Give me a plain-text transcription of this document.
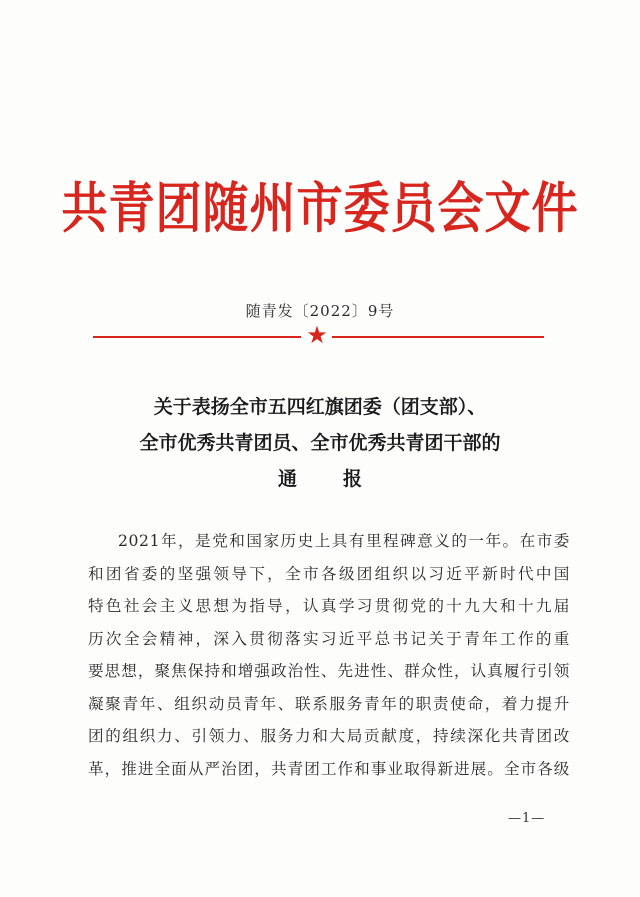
共青团随州市委员会文件
随青发〔2022〕9号
★
关于表扬全市五四红旗团委（团支部）、
全市优秀共青团员、全市优秀共青团干部的
通报
2021年，是党和国家历史上具有里程碑意义的一年。在市委
和团省委的坚强领导下，全市各级团组织以习近平新时代中国
特色社会主义思想为指导，认真学习贯彻党的十九大和十九届
历次全会精神，深入贯彻落实习近平总书记关于青年工作的重
要思想，聚焦保持和增强政治性、先进性、群众性，认真履行引领
凝聚青年、组织动员青年、联系服务青年的职责使命，着力提升
团的组织力、引领力、服务力和大局贡献度，持续深化共青团改
革，推进全面从严治团，共青团工作和事业取得新进展。全市各级
—1—
